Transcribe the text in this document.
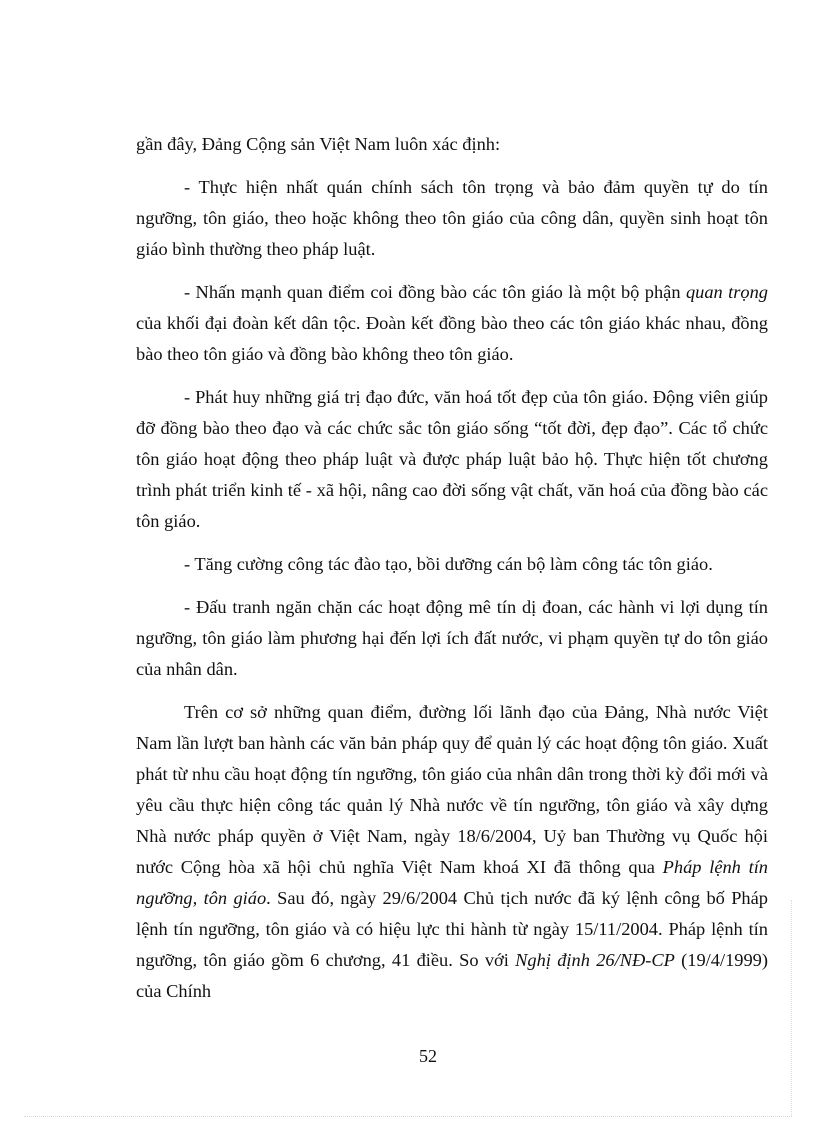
gần đây, Đảng Cộng sản Việt Nam luôn xác định:

- Thực hiện nhất quán chính sách tôn trọng và bảo đảm quyền tự do tín ngưỡng, tôn giáo, theo hoặc không theo tôn giáo của công dân, quyền sinh hoạt tôn giáo bình thường theo pháp luật.

- Nhấn mạnh quan điểm coi đồng bào các tôn giáo là một bộ phận quan trọng của khối đại đoàn kết dân tộc. Đoàn kết đồng bào theo các tôn giáo khác nhau, đồng bào theo tôn giáo và đồng bào không theo tôn giáo.

- Phát huy những giá trị đạo đức, văn hoá tốt đẹp của tôn giáo. Động viên giúp đỡ đồng bào theo đạo và các chức sắc tôn giáo sống “tốt đời, đẹp đạo”. Các tổ chức tôn giáo hoạt động theo pháp luật và được pháp luật bảo hộ. Thực hiện tốt chương trình phát triển kinh tế - xã hội, nâng cao đời sống vật chất, văn hoá của đồng bào các tôn giáo.

- Tăng cường công tác đào tạo, bồi dưỡng cán bộ làm công tác tôn giáo.

- Đấu tranh ngăn chặn các hoạt động mê tín dị đoan, các hành vi lợi dụng tín ngưỡng, tôn giáo làm phương hại đến lợi ích đất nước, vi phạm quyền tự do tôn giáo của nhân dân.

Trên cơ sở những quan điểm, đường lối lãnh đạo của Đảng, Nhà nước Việt Nam lần lượt ban hành các văn bản pháp quy để quản lý các hoạt động tôn giáo. Xuất phát từ nhu cầu hoạt động tín ngưỡng, tôn giáo của nhân dân trong thời kỳ đổi mới và yêu cầu thực hiện công tác quản lý Nhà nước về tín ngưỡng, tôn giáo và xây dựng Nhà nước pháp quyền ở Việt Nam, ngày 18/6/2004, Uỷ ban Thường vụ Quốc hội nước Cộng hòa xã hội chủ nghĩa Việt Nam khoá XI đã thông qua Pháp lệnh tín ngưỡng, tôn giáo. Sau đó, ngày 29/6/2004 Chủ tịch nước đã ký lệnh công bố Pháp lệnh tín ngưỡng, tôn giáo và có hiệu lực thi hành từ ngày 15/11/2004. Pháp lệnh tín ngưỡng, tôn giáo gồm 6 chương, 41 điều. So với Nghị định 26/NĐ-CP (19/4/1999) của Chính

52
